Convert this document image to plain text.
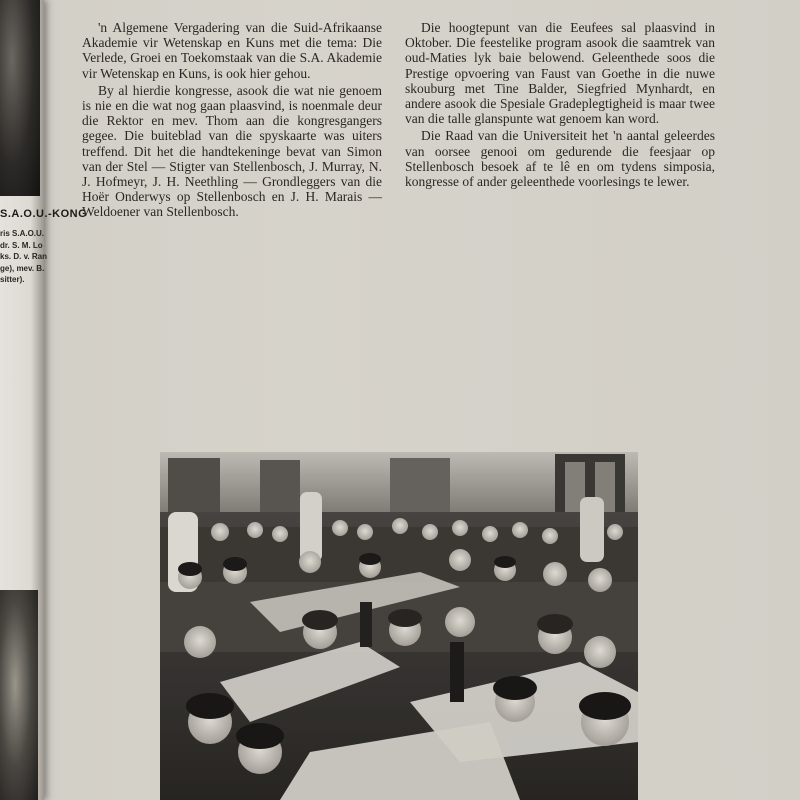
S.A.O.U.-KONG
ris S.A.O.U.
dr. S. M. Lo
ks. D. v. Ran
ge), mev. B.
sitter).

'n Algemene Vergadering van die Suid-Afrikaanse Akademie vir Wetenskap en Kuns met die tema: Die Verlede, Groei en Toekomstaak van die S.A. Akademie vir Wetenskap en Kuns, is ook hier gehou.

By al hierdie kongresse, asook die wat nie genoem is nie en die wat nog gaan plaasvind, is noenmale deur die Rektor en mev. Thom aan die kongresgangers gegee. Die buiteblad van die spyskaarte was uiters treffend. Dit het die handtekeninge bevat van Simon van der Stel — Stigter van Stellenbosch, J. Murray, N. J. Hofmeyr, J. H. Neethling — Grondleggers van die Hoër Onderwys op Stellenbosch en J. H. Marais — Weldoener van Stellenbosch.

Die hoogtepunt van die Eeufees sal plaasvind in Oktober. Die feestelike program asook die saamtrek van oud-Maties lyk baie belowend. Geleenthede soos die Prestige opvoering van Faust van Goethe in die nuwe skouburg met Tine Balder, Siegfried Mynhardt, en andere asook die Spesiale Gradeplegtigheid is maar twee van die talle glanspunte wat genoem kan word.

Die Raad van die Universiteit het 'n aantal geleerdes van oorsee genooi om gedurende die feesjaar op Stellenbosch besoek af te lê en om tydens simposia, kongresse of ander geleenthede voorlesings te lewer.
